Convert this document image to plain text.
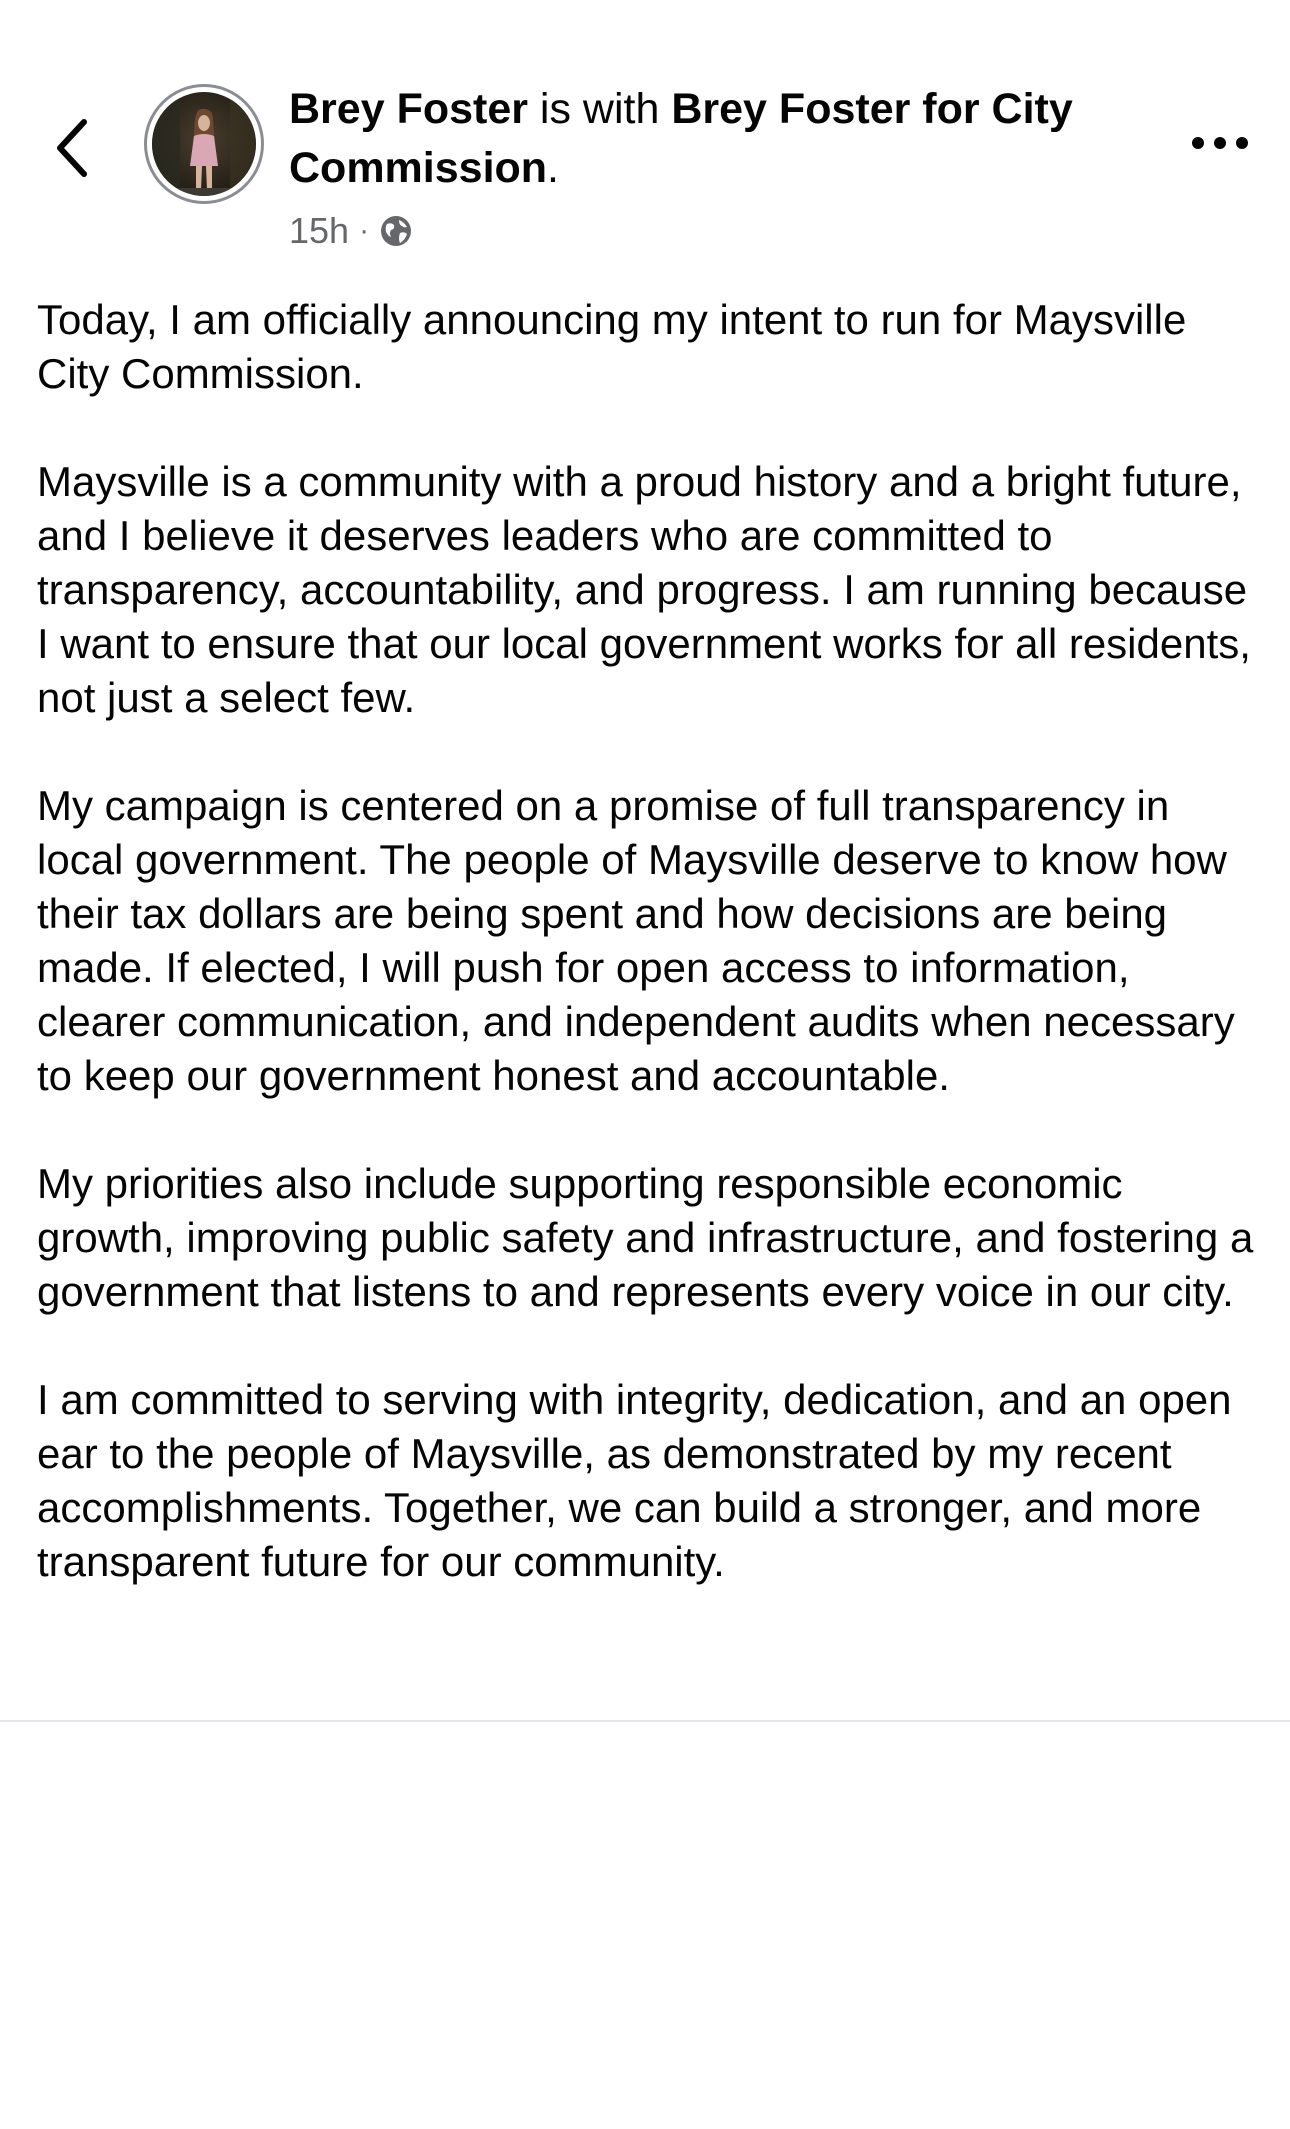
Brey Foster is with Brey Foster for City Commission.

15h ·

Today, I am officially announcing my intent to run for Maysville City Commission.

Maysville is a community with a proud history and a bright future, and I believe it deserves leaders who are committed to transparency, accountability, and progress. I am running because I want to ensure that our local government works for all residents, not just a select few.

My campaign is centered on a promise of full transparency in local government. The people of Maysville deserve to know how their tax dollars are being spent and how decisions are being made. If elected, I will push for open access to information, clearer communication, and independent audits when necessary to keep our government honest and accountable.

My priorities also include supporting responsible economic growth, improving public safety and infrastructure, and fostering a government that listens to and represents every voice in our city.

I am committed to serving with integrity, dedication, and an open ear to the people of Maysville, as demonstrated by my recent accomplishments. Together, we can build a stronger, and more transparent future for our community.
